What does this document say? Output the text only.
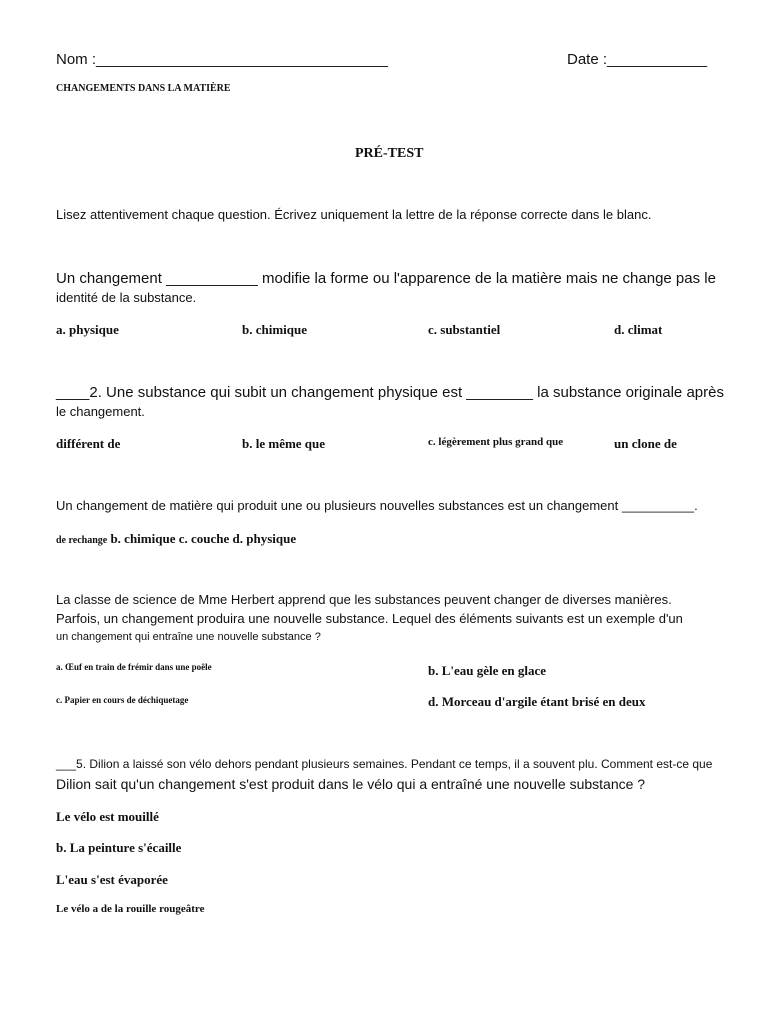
Nom :___________________________________	Date :____________
CHANGEMENTS DANS LA MATIÈRE
PRÉ-TEST
Lisez attentivement chaque question. Écrivez uniquement la lettre de la réponse correcte dans le blanc.
Un changement ___________ modifie la forme ou l'apparence de la matière mais ne change pas le
identité de la substance.
a. physique	b. chimique	c. substantiel	d. climat
____2. Une substance qui subit un changement physique est ________ la substance originale après
le changement.
différent de	b. le même que	c. légèrement plus grand que	un clone de
Un changement de matière qui produit une ou plusieurs nouvelles substances est un changement __________.
de rechange b. chimique c. couche d. physique
La classe de science de Mme Herbert apprend que les substances peuvent changer de diverses manières.
Parfois, un changement produira une nouvelle substance. Lequel des éléments suivants est un exemple d'un
un changement qui entraîne une nouvelle substance ?
a. Œuf en train de frémir dans une poêle	b. L'eau gèle en glace
c. Papier en cours de déchiquetage	d. Morceau d'argile étant brisé en deux
___5. Dilion a laissé son vélo dehors pendant plusieurs semaines. Pendant ce temps, il a souvent plu. Comment est-ce que
Dilion sait qu'un changement s'est produit dans le vélo qui a entraîné une nouvelle substance ?
Le vélo est mouillé
b. La peinture s'écaille
L'eau s'est évaporée
Le vélo a de la rouille rougeâtre
